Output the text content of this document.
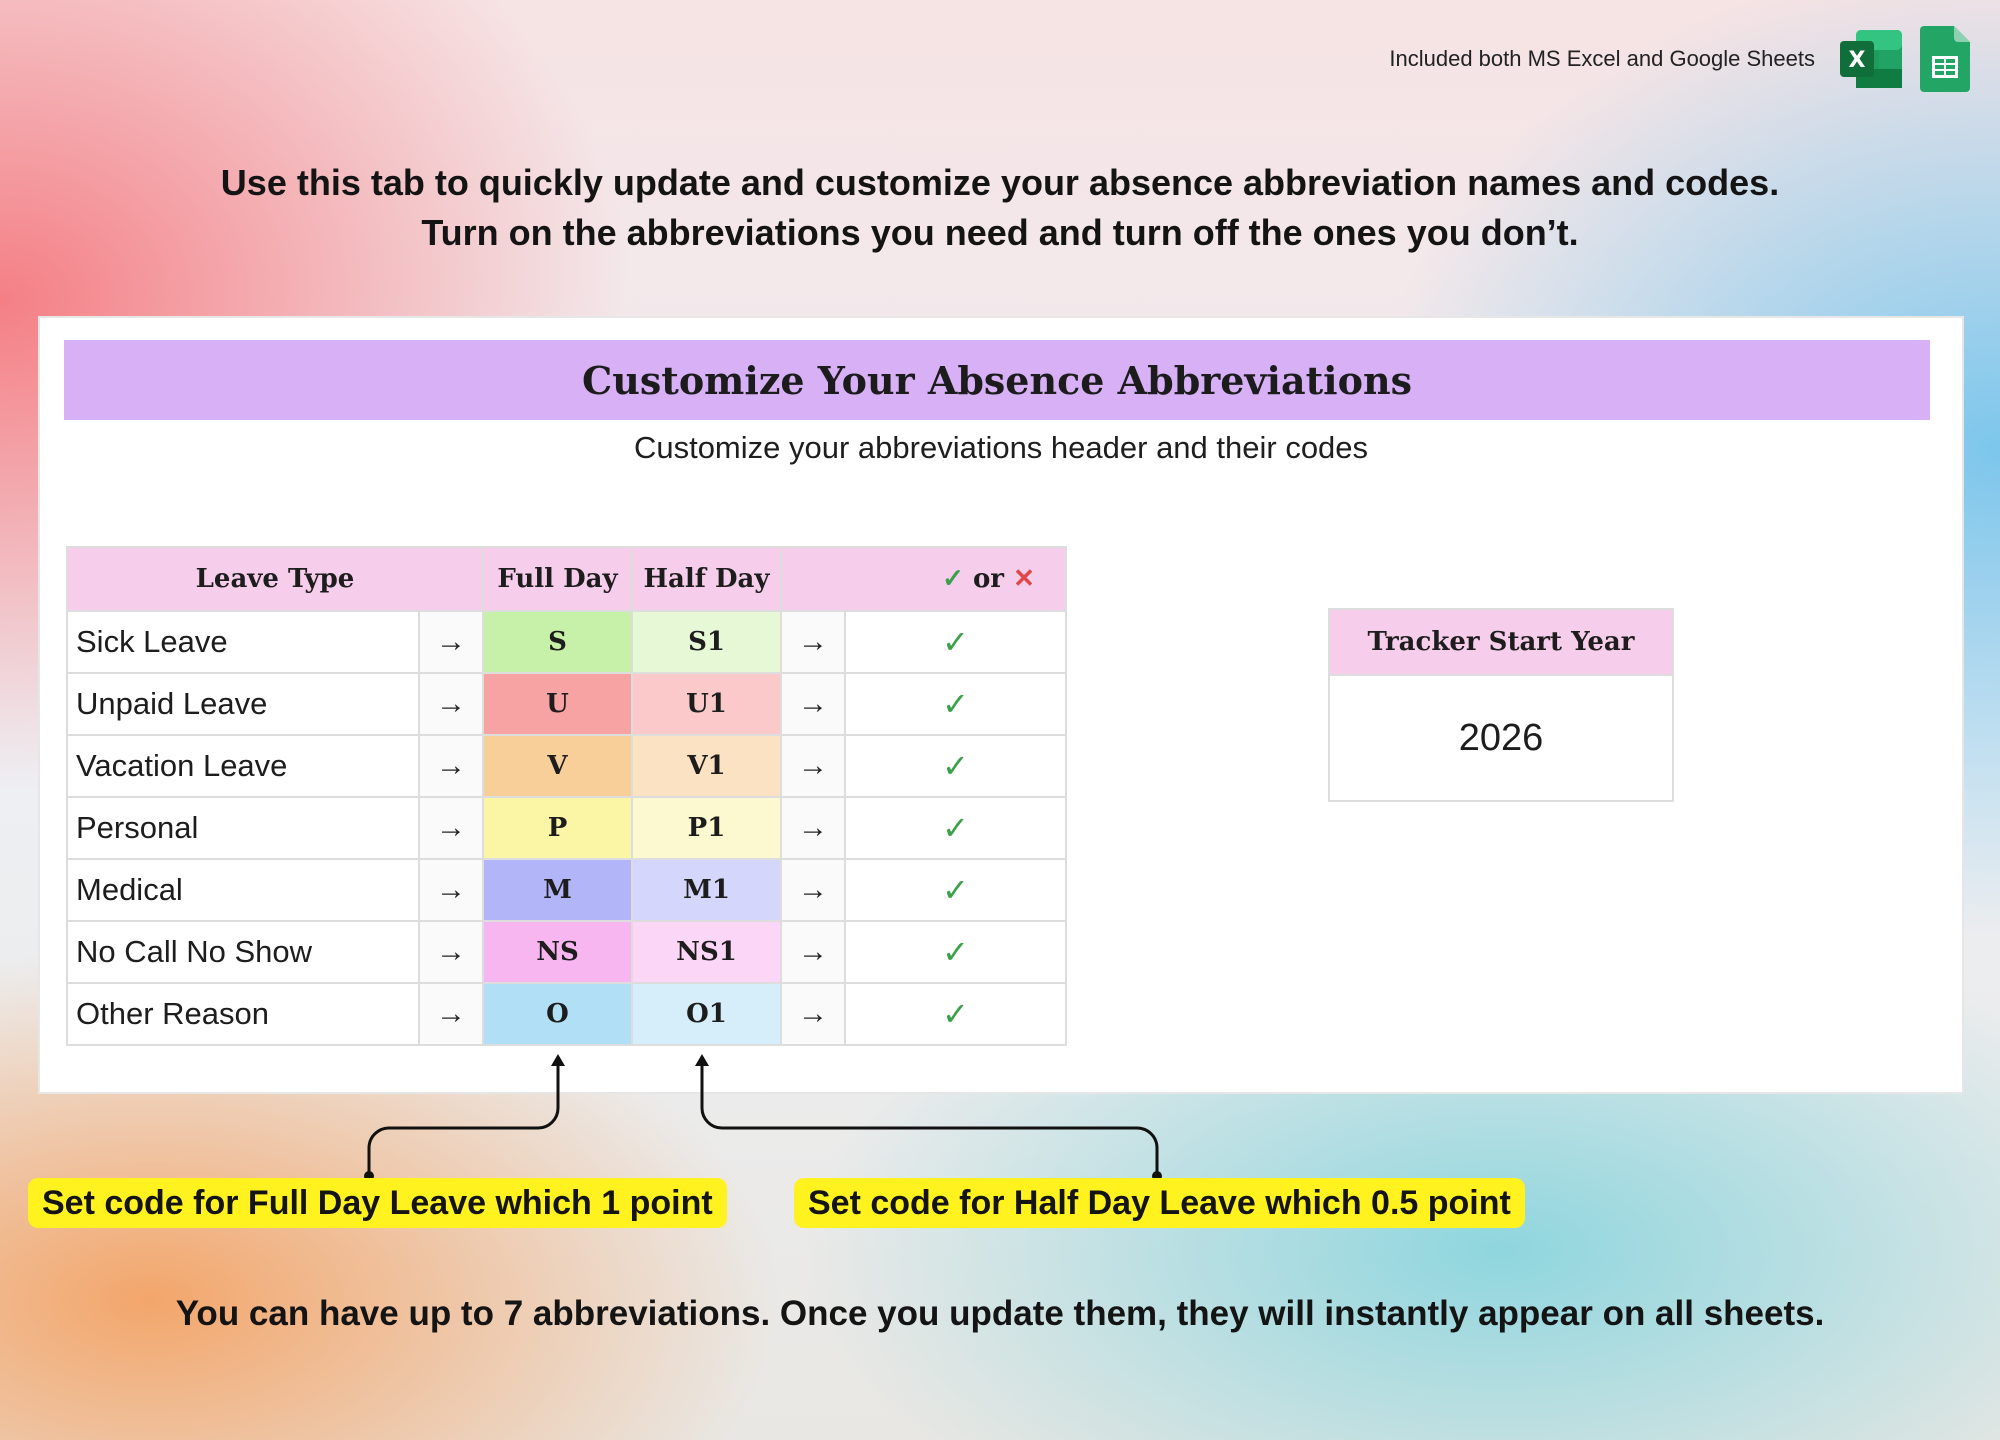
Included both MS Excel and Google Sheets X
Use this tab to quickly update and customize your absence abbreviation names and codes.
Turn on the abbreviations you need and turn off the ones you don’t.
Customize Your Absence Abbreviations
Customize your abbreviations header and their codes
Leave Type		Full Day	Half Day	✓ or ✕	
Sick Leave	→	S	S1	→	✓
Unpaid Leave	→	U	U1	→	✓
Vacation Leave	→	V	V1	→	✓
Personal	→	P	P1	→	✓
Medical	→	M	M1	→	✓
No Call No Show	→	NS	NS1	→	✓
Other Reason	→	O	O1	→	✓
Tracker Start Year
2026
Set code for Full Day Leave which 1 point	Set code for Half Day Leave which 0.5 point
You can have up to 7 abbreviations. Once you update them, they will instantly appear on all sheets.
